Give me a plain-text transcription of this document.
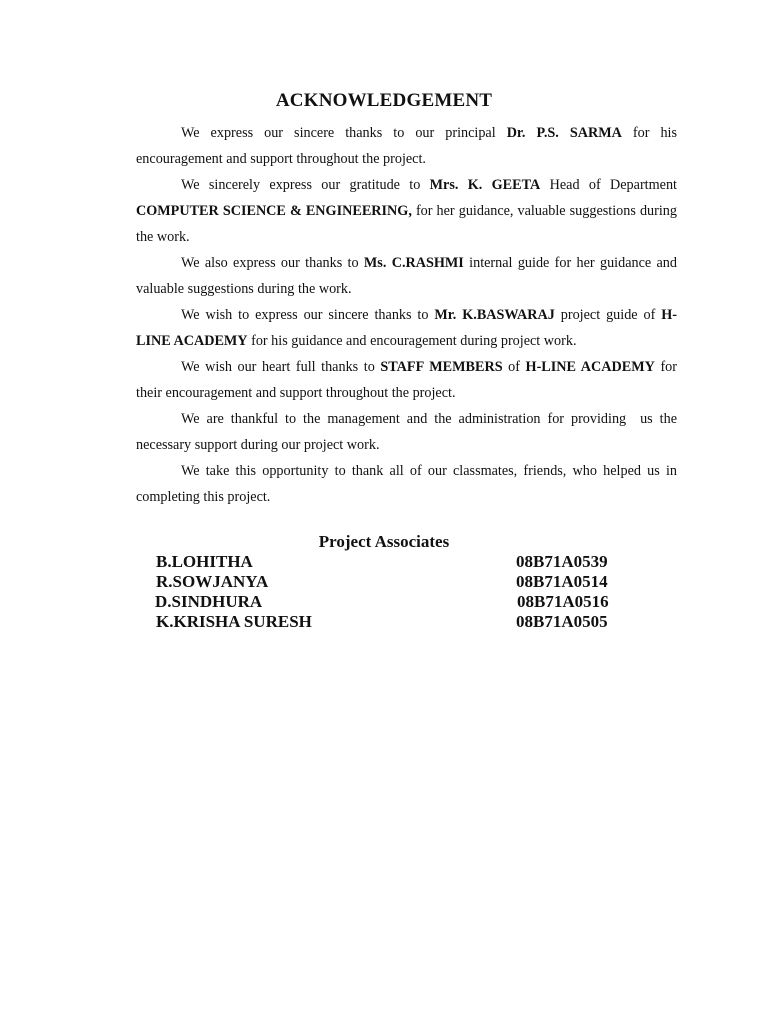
ACKNOWLEDGEMENT

We express our sincere thanks to our principal Dr. P.S. SARMA for his encouragement and support throughout the project.

We sincerely express our gratitude to Mrs. K. GEETA Head of Department COMPUTER SCIENCE & ENGINEERING, for her guidance, valuable suggestions during the work.

We also express our thanks to Ms. C.RASHMI internal guide for her guidance and valuable suggestions during the work.

We wish to express our sincere thanks to Mr. K.BASWARAJ project guide of H-LINE ACADEMY for his guidance and encouragement during project work.

We wish our heart full thanks to STAFF MEMBERS of H-LINE ACADEMY for their encouragement and support throughout the project.

We are thankful to the management and the administration for providing  us the necessary support during our project work.

We take this opportunity to thank all of our classmates, friends, who helped us in completing this project.

Project Associates
B.LOHITHA	08B71A0539
R.SOWJANYA	08B71A0514
D.SINDHURA	08B71A0516
K.KRISHA SURESH	08B71A0505
